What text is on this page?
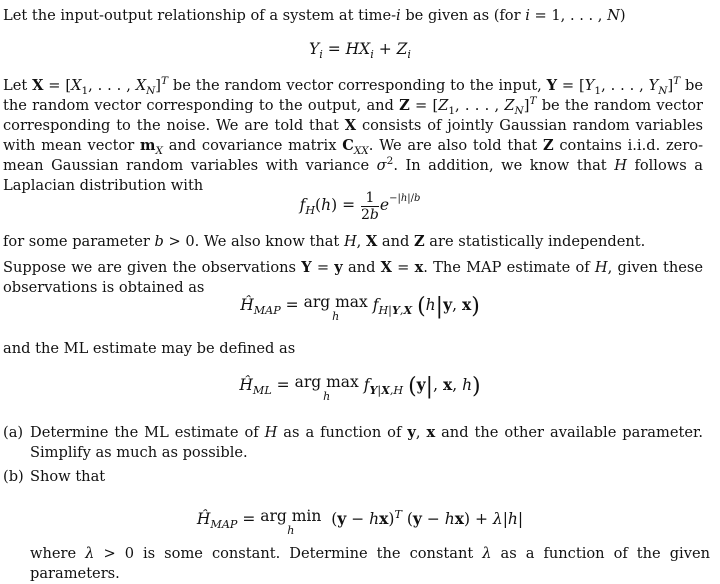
Let the input-output relationship of a system at time-i be given as (for i = 1, . . . , N)
$Y_i = HX_i + Z_i$
Let $X = [X_1$, . . . , $X_N]^T$ be the random vector corresponding to the input, $Y = [Y_1$, . . . , $Y_N]^T$ be the random vector corresponding to the output, and $Z = [Z_1$, . . . , $Z_N]^T$ be the random vector corresponding to the noise. We are told that X consists of jointly Gaussian random variables with mean vector $m_X$ and covariance matrix $C_{XX}$. We are also told that Z contains i.i.d. zero-mean Gaussian random variables with variance $\sigma^2$. In addition, we know that H follows a Laplacian distribution with
$f_H(h) = \frac{1}{2b} e^{-|h|/b}$
for some parameter b > 0. We also know that H, X and Z are statistically independent.
Suppose we are given the observations Y = y and X = x. The MAP estimate of H, given these observations is obtained as
$Ĥ_{MAP}$ = arg max
h
$f_{H|Y,X}$ (h|y, x)
and the ML estimate may be defined as
$Ĥ_{ML}$ = arg max
h
$f_{Y|X,H}$ (y|, x, h)
(a) Determine the ML estimate of H as a function of y, x and the other available parameter. Simplify as much as possible.
(b) Show that
$Ĥ_{MAP}$ = arg min
h
(y − hx)$^T$ (y − hx) + λ|h|
where λ > 0 is some constant. Determine the constant λ as a function of the given parameters.
